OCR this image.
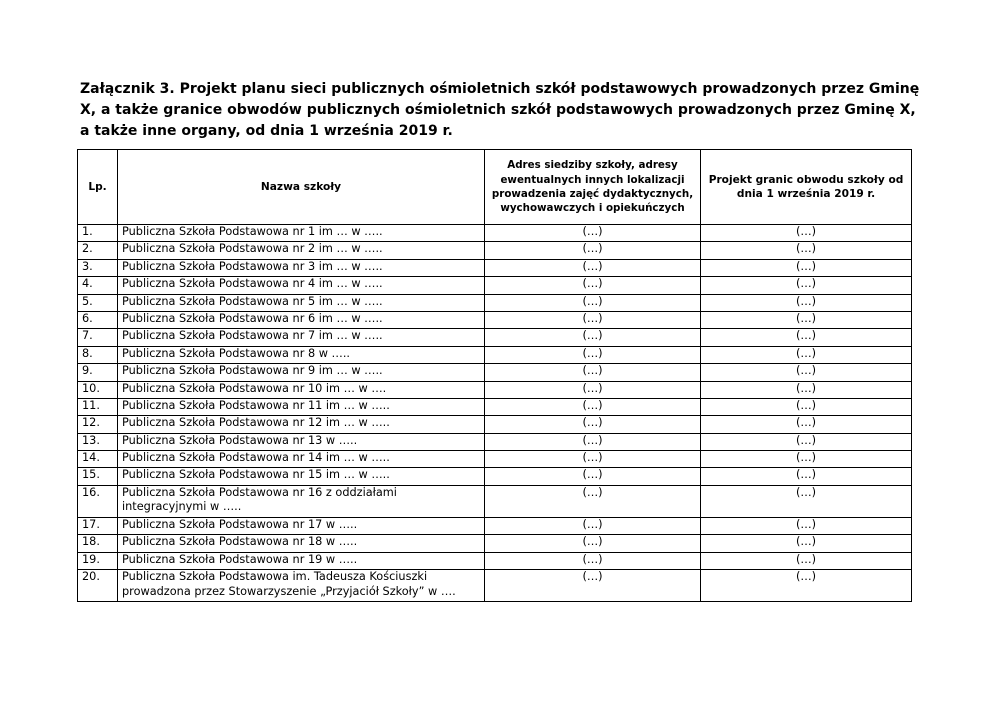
Załącznik 3. Projekt planu sieci publicznych ośmioletnich szkół podstawowych prowadzonych przez Gminę X, a także granice obwodów publicznych ośmioletnich szkół podstawowych prowadzonych przez Gminę X, a także inne organy, od dnia 1 września 2019 r.

Lp.	Nazwa szkoły	Adres siedziby szkoły, adresy ewentualnych innych lokalizacji prowadzenia zajęć dydaktycznych, wychowawczych i opiekuńczych	Projekt granic obwodu szkoły od dnia 1 września 2019 r.
1.	Publiczna Szkoła Podstawowa nr 1 im … w …..	(…)	(…)
2.	Publiczna Szkoła Podstawowa nr 2 im … w …..	(…)	(…)
3.	Publiczna Szkoła Podstawowa nr 3 im … w …..	(…)	(…)
4.	Publiczna Szkoła Podstawowa nr 4 im … w …..	(…)	(…)
5.	Publiczna Szkoła Podstawowa nr 5 im … w …..	(…)	(…)
6.	Publiczna Szkoła Podstawowa nr 6 im … w …..	(…)	(…)
7.	Publiczna Szkoła Podstawowa nr 7 im … w …..	(…)	(…)
8.	Publiczna Szkoła Podstawowa nr 8 w …..	(…)	(…)
9.	Publiczna Szkoła Podstawowa nr 9 im … w …..	(…)	(…)
10.	Publiczna Szkoła Podstawowa nr 10 im … w ….	(…)	(…)
11.	Publiczna Szkoła Podstawowa nr 11 im … w …..	(…)	(…)
12.	Publiczna Szkoła Podstawowa nr 12 im … w …..	(…)	(…)
13.	Publiczna Szkoła Podstawowa nr 13 w …..	(…)	(…)
14.	Publiczna Szkoła Podstawowa nr 14 im … w …..	(…)	(…)
15.	Publiczna Szkoła Podstawowa nr 15 im … w …..	(…)	(…)
16.	Publiczna Szkoła Podstawowa nr 16 z oddziałami integracyjnymi w …..	(…)	(…)
17.	Publiczna Szkoła Podstawowa nr 17 w …..	(…)	(…)
18.	Publiczna Szkoła Podstawowa nr 18 w …..	(…)	(…)
19.	Publiczna Szkoła Podstawowa nr 19 w …..	(…)	(…)
20.	Publiczna Szkoła Podstawowa im. Tadeusza Kościuszki prowadzona przez Stowarzyszenie „Przyjaciół Szkoły” w ….	(…)	(…)
